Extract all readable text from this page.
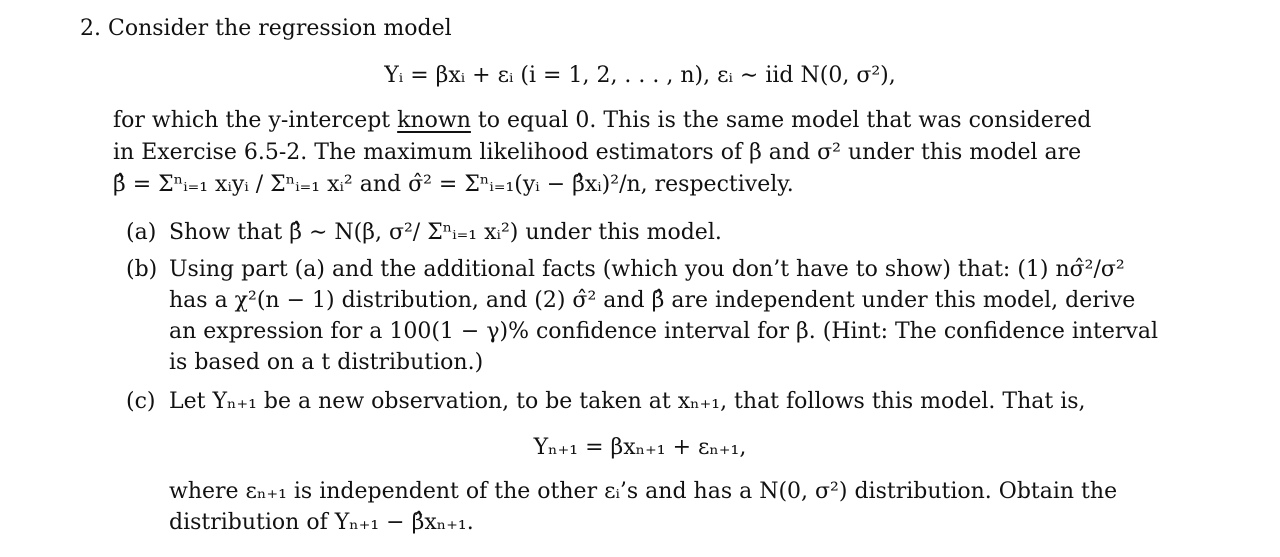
2. Consider the regression model
Yᵢ = βxᵢ + εᵢ (i = 1, 2, . . . , n), εᵢ ∼ iid N(0, σ²),
for which the y-intercept known to equal 0. This is the same model that was considered
in Exercise 6.5-2. The maximum likelihood estimators of β and σ² under this model are
β̂ = Σⁿᵢ₌₁ xᵢyᵢ / Σⁿᵢ₌₁ xᵢ² and σ̂² = Σⁿᵢ₌₁(yᵢ − β̂xᵢ)²/n, respectively.
(a) Show that β̂ ∼ N(β, σ²/ Σⁿᵢ₌₁ xᵢ²) under this model.
(b) Using part (a) and the additional facts (which you don’t have to show) that: (1) nσ̂²/σ²
has a χ²(n − 1) distribution, and (2) σ̂² and β̂ are independent under this model, derive
an expression for a 100(1 − γ)% confidence interval for β. (Hint: The confidence interval
is based on a t distribution.)
(c) Let Yₙ₊₁ be a new observation, to be taken at xₙ₊₁, that follows this model. That is,
Yₙ₊₁ = βxₙ₊₁ + εₙ₊₁,
where εₙ₊₁ is independent of the other εᵢ’s and has a N(0, σ²) distribution. Obtain the
distribution of Yₙ₊₁ − β̂xₙ₊₁.
